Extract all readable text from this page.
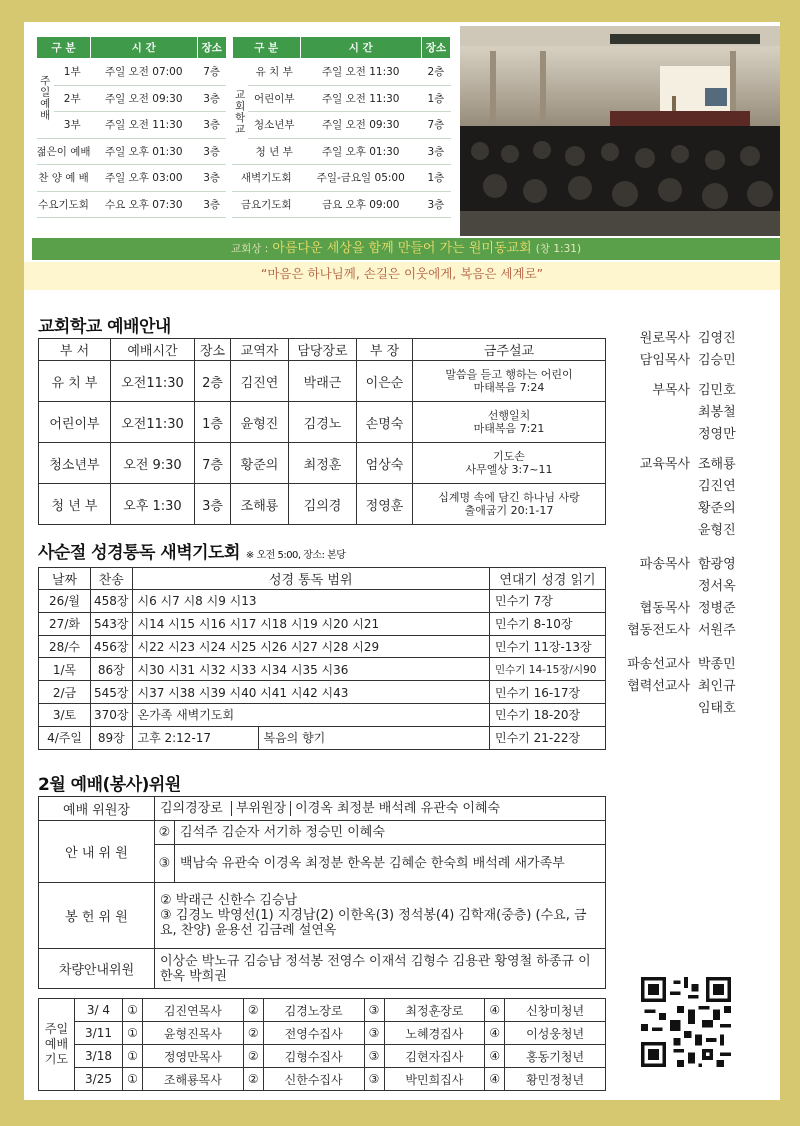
구 분		시 간	장소		구 분		시 간	장소
주일예배	1부	주일 오전 07:00	7층		교회학교	유 치 부	주일 오전 11:30	2층
	2부	주일 오전 09:30	3층			어린이부	주일 오전 11:30	1층
	3부	주일 오전 11:30	3층			청소년부	주일 오전 09:30	7층
젊은이 예배		주일 오후 01:30	3층			청 년 부	주일 오후 01:30	3층
찬 양 예 배		주일 오후 03:00	3층		새벽기도회		주일-금요일 05:00	1층
수요기도회		수요 오후 07:30	3층		금요기도회		금요 오후 09:00	3층
교회상 : 아름다운 세상을 함께 만들어 가는 원미동교회 (창 1:31)
“마음은 하나님께, 손길은 이웃에게, 복음은 세계로”
교회학교 예배안내
부 서	예배시간	장소	교역자	담당장로	부 장	금주설교
유 치 부	오전11:30	2층	김진연	박래근	이은순	말씀을 듣고 행하는 어린이
마태복음 7:24

어린이부	오전11:30	1층	윤형진	김경노	손명숙	선행일치
마태복음 7:21

청소년부	오전 9:30	7층	황준의	최정훈	엄상숙	기도손
사무엘상 3:7~11

청 년 부	오후 1:30	3층	조해룡	김의경	정영훈	십계명 속에 담긴 하나님 사랑
출애굽기 20:1-17
사순절 성경통독 새벽기도회 ※ 오전 5:00, 장소: 본당
날짜	찬송	성경 통독 범위		연대기 성경 읽기
26/월	458장	시6 시7 시8 시9 시13		민수기 7장
27/화	543장	시14 시15 시16 시17 시18 시19 시20 시21		민수기 8-10장
28/수	456장	시22 시23 시24 시25 시26 시27 시28 시29		민수기 11장-13장
1/목	86장	시30 시31 시32 시33 시34 시35 시36		민수기 14-15장/시90
2/금	545장	시37 시38 시39 시40 시41 시42 시43		민수기 16-17장
3/토	370장	온가족 새벽기도회		민수기 18-20장
4/주일	89장	고후 2:12-17	복음의 향기	민수기 21-22장
2월 예배(봉사)위원
예배 위원장	김의경장로 부위원장 이경옥 최정분 배석례 유관숙 이혜숙	
안 내 위 원	②	김석주 김순자 서기하 정승민 이혜숙
	③	백남숙 유관숙 이경옥 최정분 한옥분 김혜순 한숙희 배석례 새가족부
봉 헌 위 원	② 박래근 신한수 김승남
③ 김경노 박영선(1) 지경남(2) 이한옥(3) 정석봉(4) 김학재(중층) (수요, 금요, 찬양) 윤용선 김금례 설연옥	

차량안내위원	이상순 박노규 김승남 정석봉 전영수 이재석 김형수 김용관 황영철 하종규 이한옥 박희권	
주일예배기도	3/ 4	①	김진연목사	②	김경노장로	③	최정훈장로	④	신창미청년
	3/11	①	윤형진목사	②	전영수집사	③	노혜경집사	④	이성웅청년
	3/18	①	정영만목사	②	김형수집사	③	김현자집사	④	홍동기청년
	3/25	①	조해룡목사	②	신한수집사	③	박민희집사	④	황민정청년
원로목사 김영진
담임목사 김승민
부목사 김민호
최봉철
정영만
교육목사 조해룡
김진연
황준의
윤형진
파송목사 함광영
정서옥
협동목사 정병준
협동전도사 서원주
파송선교사 박종민
협력선교사 최인규
임태호
